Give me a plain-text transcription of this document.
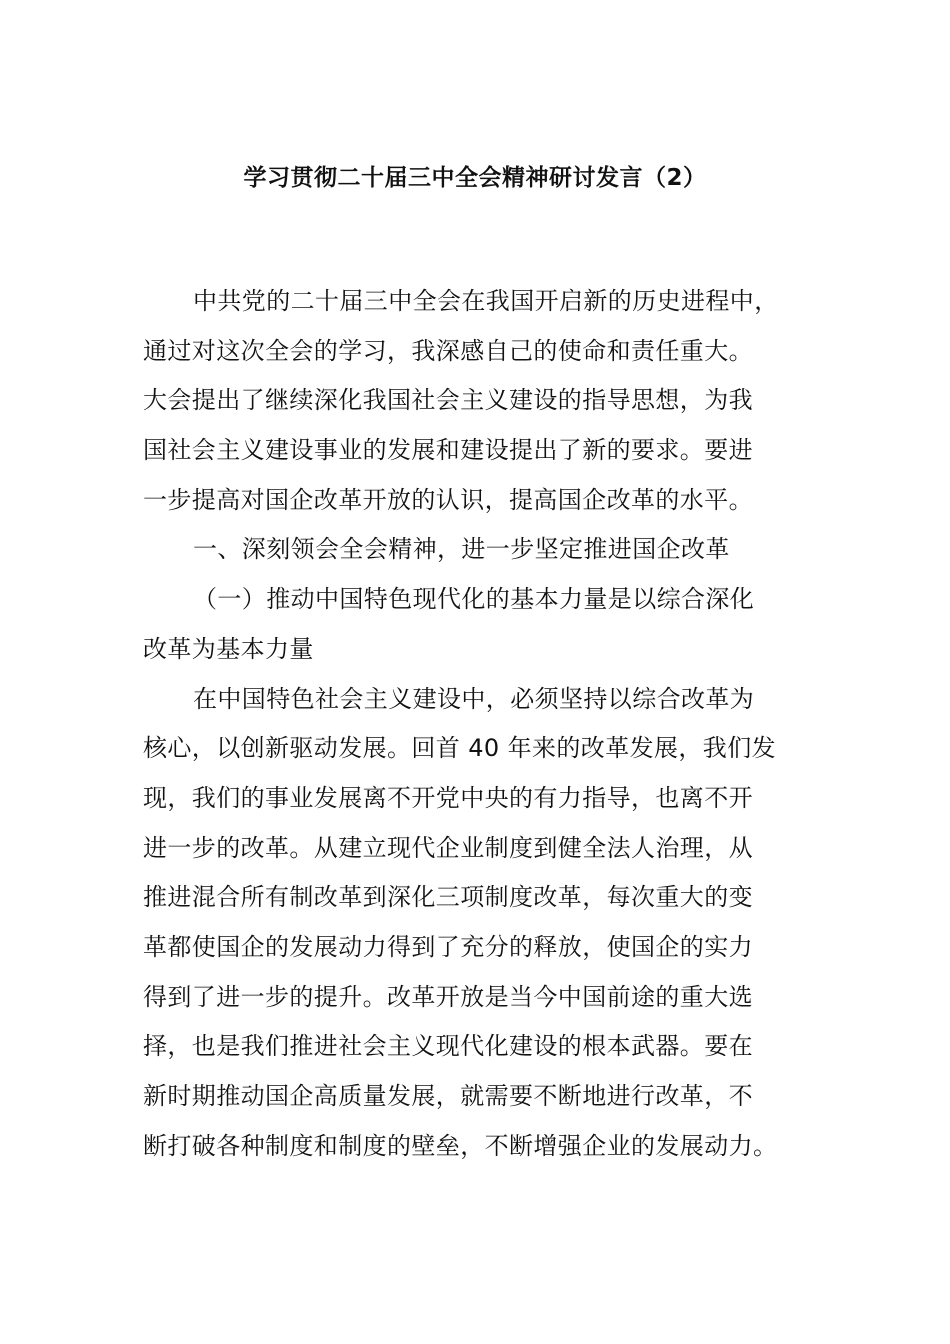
学习贯彻二十届三中全会精神研讨发言（2）
中共党的二十届三中全会在我国开启新的历史进程中，
通过对这次全会的学习，我深感自己的使命和责任重大。
大会提出了继续深化我国社会主义建设的指导思想，为我
国社会主义建设事业的发展和建设提出了新的要求。要进
一步提高对国企改革开放的认识，提高国企改革的水平。
一、深刻领会全会精神，进一步坚定推进国企改革
（一）推动中国特色现代化的基本力量是以综合深化
改革为基本力量
在中国特色社会主义建设中，必须坚持以综合改革为
核心，以创新驱动发展。回首 40 年来的改革发展，我们发
现，我们的事业发展离不开党中央的有力指导，也离不开
进一步的改革。从建立现代企业制度到健全法人治理，从
推进混合所有制改革到深化三项制度改革，每次重大的变
革都使国企的发展动力得到了充分的释放，使国企的实力
得到了进一步的提升。改革开放是当今中国前途的重大选
择，也是我们推进社会主义现代化建设的根本武器。要在
新时期推动国企高质量发展，就需要不断地进行改革，不
断打破各种制度和制度的壁垒，不断增强企业的发展动力。
